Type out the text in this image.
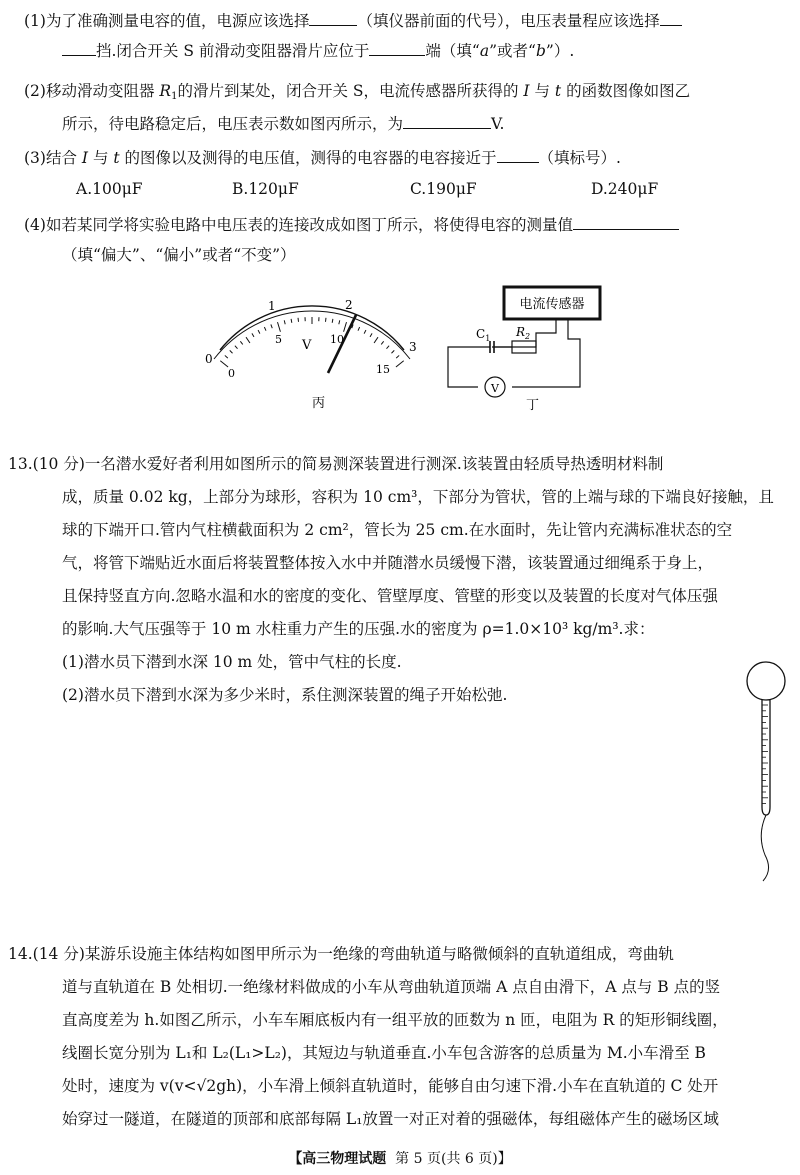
(1)为了准确测量电容的值，电源应该选择	（填仪器前面的代号），电压表量程应该选择
挡.闭合开关 S 前滑动变阻器滑片应位于	端（填“a”或者“b”）.
(2)移动滑动变阻器 $R_1$的滑片到某处，闭合开关 S，电流传感器所获得的 I 与 t 的函数图像如图乙
所示，待电路稳定后，电压表示数如图丙所示，为	V.
(3)结合 I 与 t 的图像以及测得的电压值，测得的电容器的电容接近于	（填标号）.
A.100μF	B.120μF	C.190μF	D.240μF
(4)如若某同学将实验电路中电压表的连接改成如图丁所示，将使得电容的测量值
（填“偏大”、“偏小”或者“不变”）
0
1	2
3
0
5	10
15
V
丙
电流传感器
$C_1$ $R_2$
V
丁
13.(10 分)一名潜水爱好者利用如图所示的简易测深装置进行测深.该装置由轻质导热透明材料制
成，质量 0.02 kg，上部分为球形，容积为 10 cm³，下部分为管状，管的上端与球的下端良好接触，且
球的下端开口.管内气柱横截面积为 2 cm²，管长为 25 cm.在水面时，先让管内充满标准状态的空
气，将管下端贴近水面后将装置整体按入水中并随潜水员缓慢下潜，该装置通过细绳系于身上，
且保持竖直方向.忽略水温和水的密度的变化、管壁厚度、管壁的形变以及装置的长度对气体压强
的影响.大气压强等于 10 m 水柱重力产生的压强.水的密度为 ρ=1.0×10³ kg/m³.求：
(1)潜水员下潜到水深 10 m 处，管中气柱的长度.
(2)潜水员下潜到水深为多少米时，系住测深装置的绳子开始松弛.
14.(14 分)某游乐设施主体结构如图甲所示为一绝缘的弯曲轨道与略微倾斜的直轨道组成，弯曲轨
道与直轨道在 B 处相切.一绝缘材料做成的小车从弯曲轨道顶端 A 点自由滑下，A 点与 B 点的竖
直高度差为 h.如图乙所示，小车车厢底板内有一组平放的匝数为 n 匝，电阻为 R 的矩形铜线圈，
线圈长宽分别为 L₁和 L₂(L₁>L₂)，其短边与轨道垂直.小车包含游客的总质量为 M.小车滑至 B
处时，速度为 v(v<√2gh)，小车滑上倾斜直轨道时，能够自由匀速下滑.小车在直轨道的 C 处开
始穿过一隧道，在隧道的顶部和底部每隔 L₁放置一对正对着的强磁体，每组磁体产生的磁场区域
【高三物理试题 第 5 页(共 6 页)】
